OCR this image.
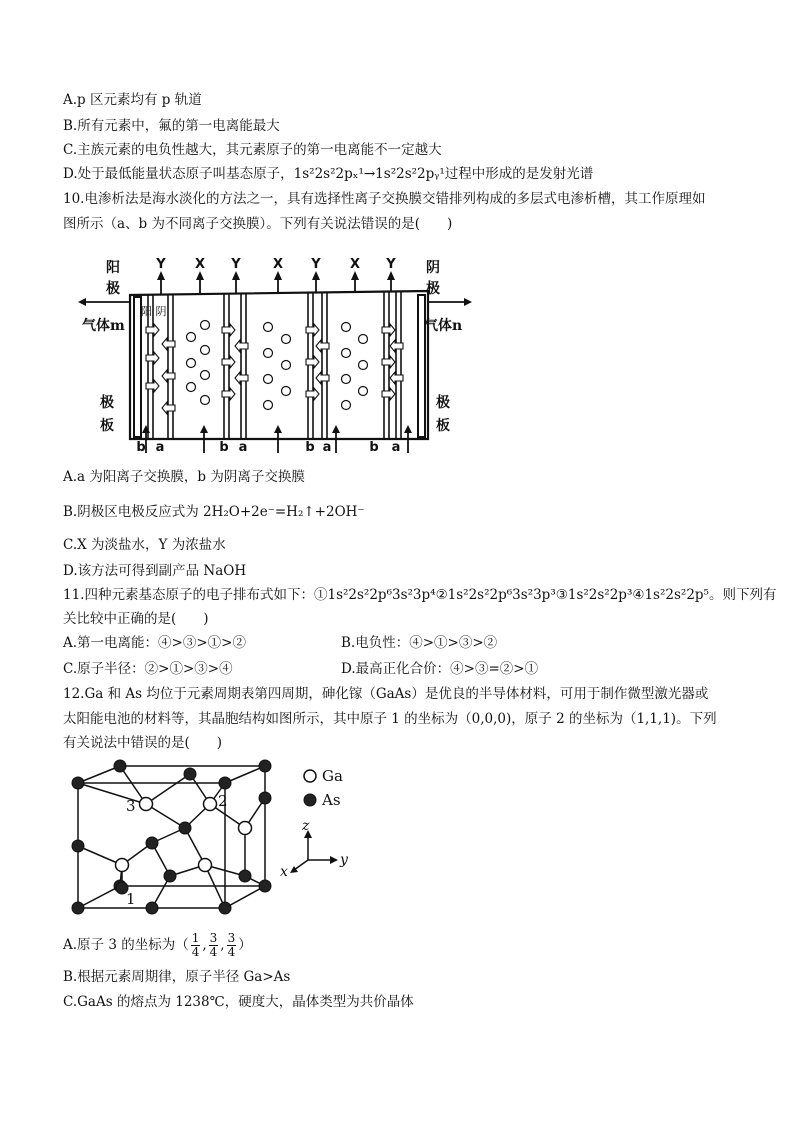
A.p 区元素均有 p 轨道
B.所有元素中，氟的第一电离能最大
C.主族元素的电负性越大，其元素原子的第一电离能不一定越大
D.处于最低能量状态原子叫基态原子，1s²2s²2pₓ¹→1s²2s²2pᵧ¹过程中形成的是发射光谱
10.电渗析法是海水淡化的方法之一，具有选择性离子交换膜交错排列构成的多层式电渗析槽，其工作原理如
图所示（a、b 为不同离子交换膜）。下列有关说法错误的是(　　)
阳
极
阴
极
气体m	气体n
极
板
极
板
阳 阴
Y X Y X Y X Y
b a	b a	b a	b a
A.a 为阳离子交换膜，b 为阴离子交换膜
B.阴极区电极反应式为 2H₂O+2e⁻=H₂↑+2OH⁻
C.X 为淡盐水，Y 为浓盐水
D.该方法可得到副产品 NaOH
11.四种元素基态原子的电子排布式如下：①1s²2s²2p⁶3s²3p⁴②1s²2s²2p⁶3s²3p³③1s²2s²2p³④1s²2s²2p⁵。则下列有
关比较中正确的是(　　)
A.第一电离能：④>③>①>②	B.电负性：④>①>③>②
C.原子半径：②>①>③>④	D.最高正化合价：④>③=②>①
12.Ga 和 As 均位于元素周期表第四周期，砷化镓（GaAs）是优良的半导体材料，可用于制作微型激光器或
太阳能电池的材料等，其晶胞结构如图所示，其中原子 1 的坐标为（0,0,0)，原子 2 的坐标为（1,1,1)。下列
有关说法中错误的是(　　)
3	2
1
Ga
As
z
y
x
A.原子 3 的坐标为（ $\frac{1}{4}$ , $\frac{3}{4}$ , $\frac{3}{4}$ ）
B.根据元素周期律，原子半径 Ga>As
C.GaAs 的熔点为 1238℃，硬度大，晶体类型为共价晶体
